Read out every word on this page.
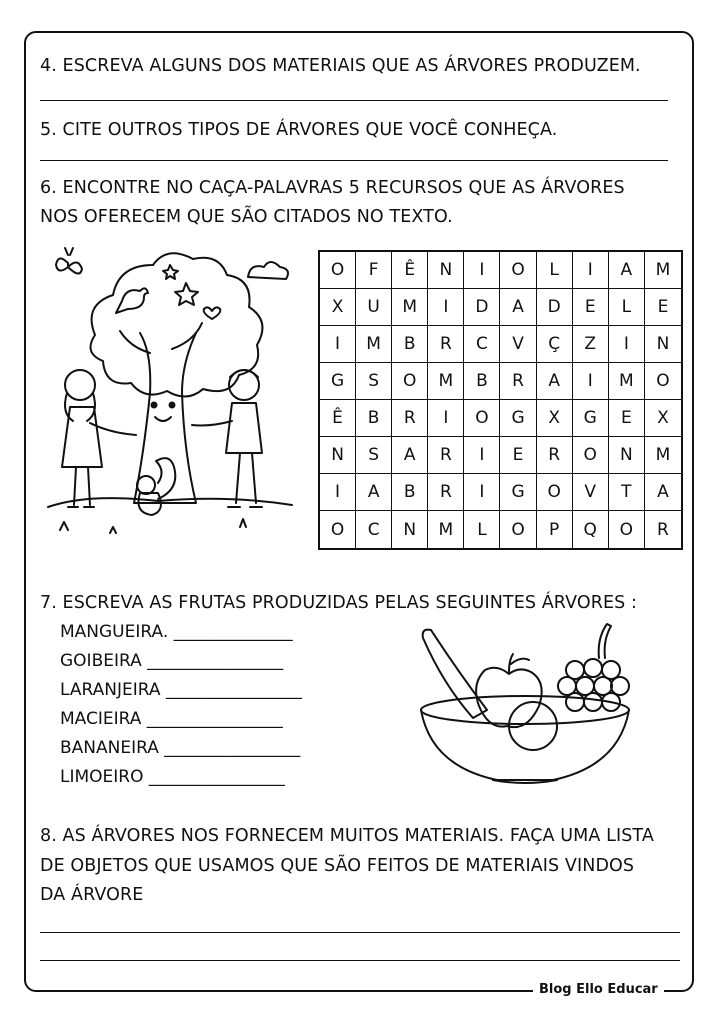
4. ESCREVA ALGUNS DOS MATERIAIS QUE AS ÁRVORES PRODUZEM.
5. CITE OUTROS TIPOS DE ÁRVORES QUE VOCÊ CONHEÇA.
6. ENCONTRE NO CAÇA-PALAVRAS 5 RECURSOS QUE AS ÁRVORES
NOS OFERECEM QUE SÃO CITADOS NO TEXTO.
O	F	Ê	N	I	O	L	I	A	M
X	U	M	I	D	A	D	E	L	E
I	M	B	R	C	V	Ç	Z	I	N
G	S	O	M	B	R	A	I	M	O
Ê	B	R	I	O	G	X	G	E	X
N	S	A	R	I	E	R	O	N	M
I	A	B	R	I	G	O	V	T	A
O	C	N	M	L	O	P	Q	O	R
7. ESCREVA AS FRUTAS PRODUZIDAS PELAS SEGUINTES ÁRVORES :
MANGUEIRA. ______________
GOIBEIRA ________________
LARANJEIRA ________________
MACIEIRA ________________
BANANEIRA ________________
LIMOEIRO ________________
8. AS ÁRVORES NOS FORNECEM MUITOS MATERIAIS. FAÇA UMA LISTA
DE OBJETOS QUE USAMOS QUE SÃO FEITOS DE MATERIAIS VINDOS
DA ÁRVORE
Blog Ello Educar
